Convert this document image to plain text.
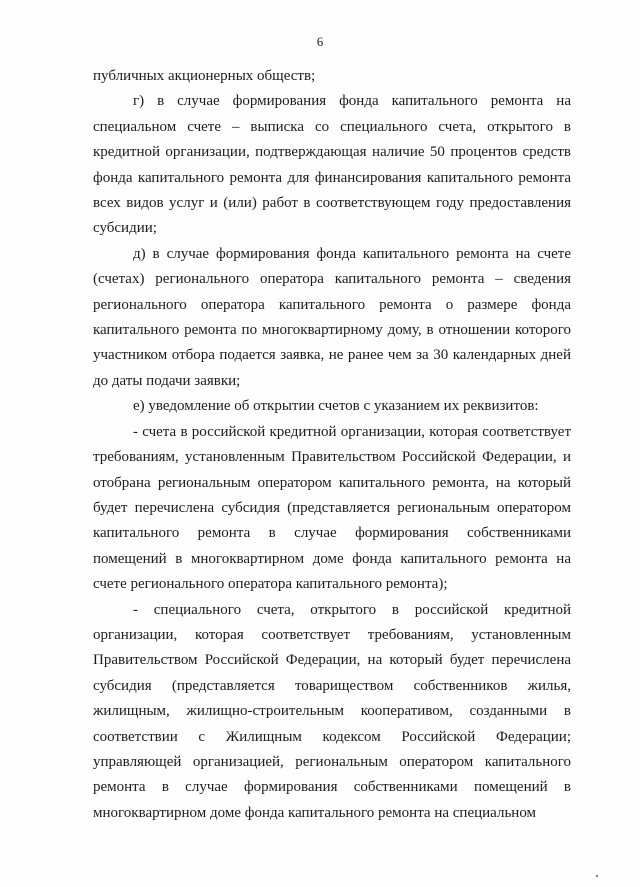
6

публичных акционерных обществ;

г) в случае формирования фонда капитального ремонта на специальном счете – выписка со специального счета, открытого в кредитной организации, подтверждающая наличие 50 процентов средств фонда капитального ремонта для финансирования капитального ремонта всех видов услуг и (или) работ в соответствующем году предоставления субсидии;

д) в случае формирования фонда капитального ремонта на счете (счетах) регионального оператора капитального ремонта – сведения регионального оператора капитального ремонта о размере фонда капитального ремонта по многоквартирному дому, в отношении которого участником отбора подается заявка, не ранее чем за 30 календарных дней до даты подачи заявки;

е) уведомление об открытии счетов с указанием их реквизитов:

- счета в российской кредитной организации, которая соответствует требованиям, установленным Правительством Российской Федерации, и отобрана региональным оператором капитального ремонта, на который будет перечислена субсидия (представляется региональным оператором капитального ремонта в случае формирования собственниками помещений в многоквартирном доме фонда капитального ремонта на счете регионального оператора капитального ремонта);

- специального счета, открытого в российской кредитной организации, которая соответствует требованиям, установленным Правительством Российской Федерации, на который будет перечислена субсидия (представляется товариществом собственников жилья, жилищным, жилищно-строительным кооперативом, созданными в соответствии с Жилищным кодексом Российской Федерации; управляющей организацией, региональным оператором капитального ремонта в случае формирования собственниками помещений в многоквартирном доме фонда капитального ремонта на специальном
